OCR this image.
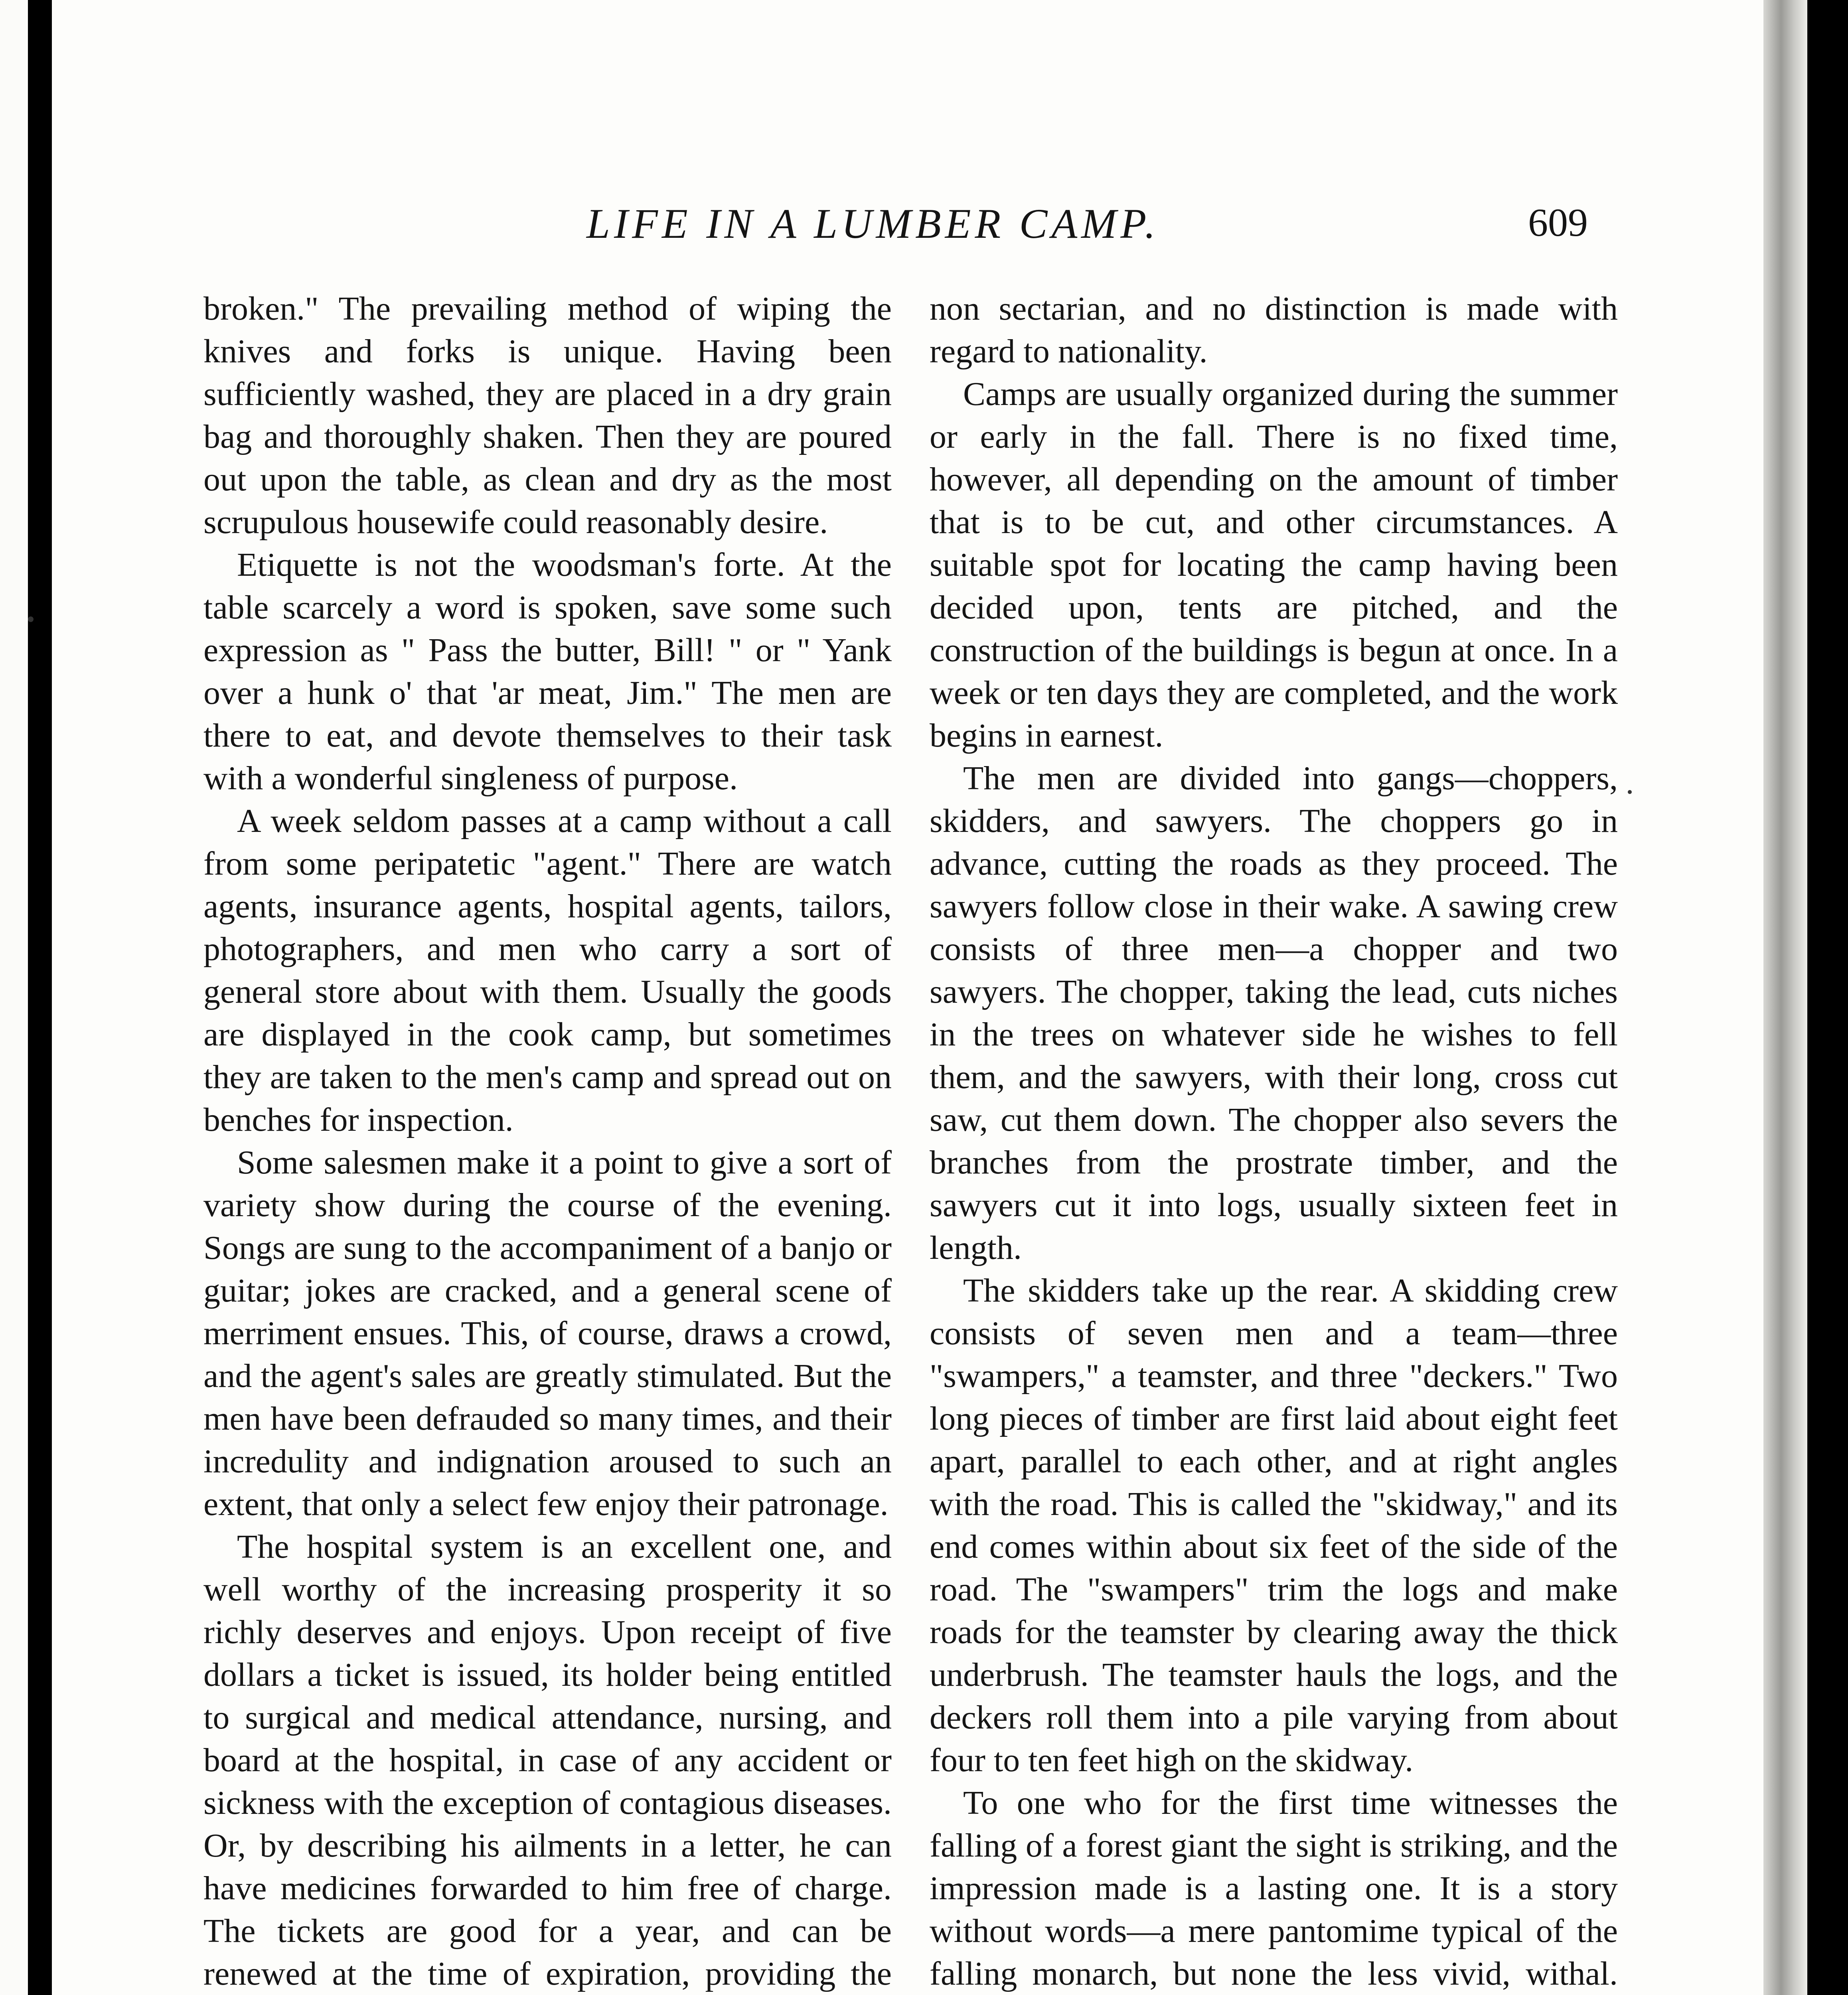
LIFE IN A LUMBER CAMP.	609

broken." The prevailing method of wiping the knives and forks is unique. Having been sufficiently washed, they are placed in a dry grain bag and thoroughly shaken. Then they are poured out upon the table, as clean and dry as the most scrupulous housewife could reasonably desire.

Etiquette is not the woodsman's forte. At the table scarcely a word is spoken, save some such expression as " Pass the butter, Bill! " or " Yank over a hunk o' that 'ar meat, Jim." The men are there to eat, and devote themselves to their task with a wonderful singleness of purpose.

A week seldom passes at a camp without a call from some peripatetic "agent." There are watch agents, insurance agents, hospital agents, tailors, photographers, and men who carry a sort of general store about with them. Usually the goods are displayed in the cook camp, but sometimes they are taken to the men's camp and spread out on benches for inspection.

Some salesmen make it a point to give a sort of variety show during the course of the evening. Songs are sung to the accompaniment of a banjo or guitar; jokes are cracked, and a general scene of merriment ensues. This, of course, draws a crowd, and the agent's sales are greatly stimulated. But the men have been defrauded so many times, and their incredulity and indignation aroused to such an extent, that only a select few enjoy their patronage.

The hospital system is an excellent one, and well worthy of the increasing prosperity it so richly deserves and enjoys. Upon receipt of five dollars a ticket is issued, its holder being entitled to surgical and medical attendance, nursing, and board at the hospital, in case of any accident or sickness with the exception of contagious diseases. Or, by describing his ailments in a letter, he can have medicines forwarded to him free of charge. The tickets are good for a year, and can be renewed at the time of expiration, providing the

non sectarian, and no distinction is made with regard to nationality.

Camps are usually organized during the summer or early in the fall. There is no fixed time, however, all depending on the amount of timber that is to be cut, and other circumstances. A suitable spot for locating the camp having been decided upon, tents are pitched, and the construction of the buildings is begun at once. In a week or ten days they are completed, and the work begins in earnest.

The men are divided into gangs—choppers, skidders, and sawyers. The choppers go in advance, cutting the roads as they proceed. The sawyers follow close in their wake. A sawing crew consists of three men—a chopper and two sawyers. The chopper, taking the lead, cuts niches in the trees on whatever side he wishes to fell them, and the sawyers, with their long, cross cut saw, cut them down. The chopper also severs the branches from the prostrate timber, and the sawyers cut it into logs, usually sixteen feet in length.

The skidders take up the rear. A skidding crew consists of seven men and a team—three "swampers," a teamster, and three "deckers." Two long pieces of timber are first laid about eight feet apart, parallel to each other, and at right angles with the road. This is called the "skidway," and its end comes within about six feet of the side of the road. The "swampers" trim the logs and make roads for the teamster by clearing away the thick underbrush. The teamster hauls the logs, and the deckers roll them into a pile varying from about four to ten feet high on the skidway.

To one who for the first time witnesses the falling of a forest giant the sight is striking, and the impression made is a lasting one. It is a story without words—a mere pantomime typical of the falling monarch, but none the less vivid, withal.
